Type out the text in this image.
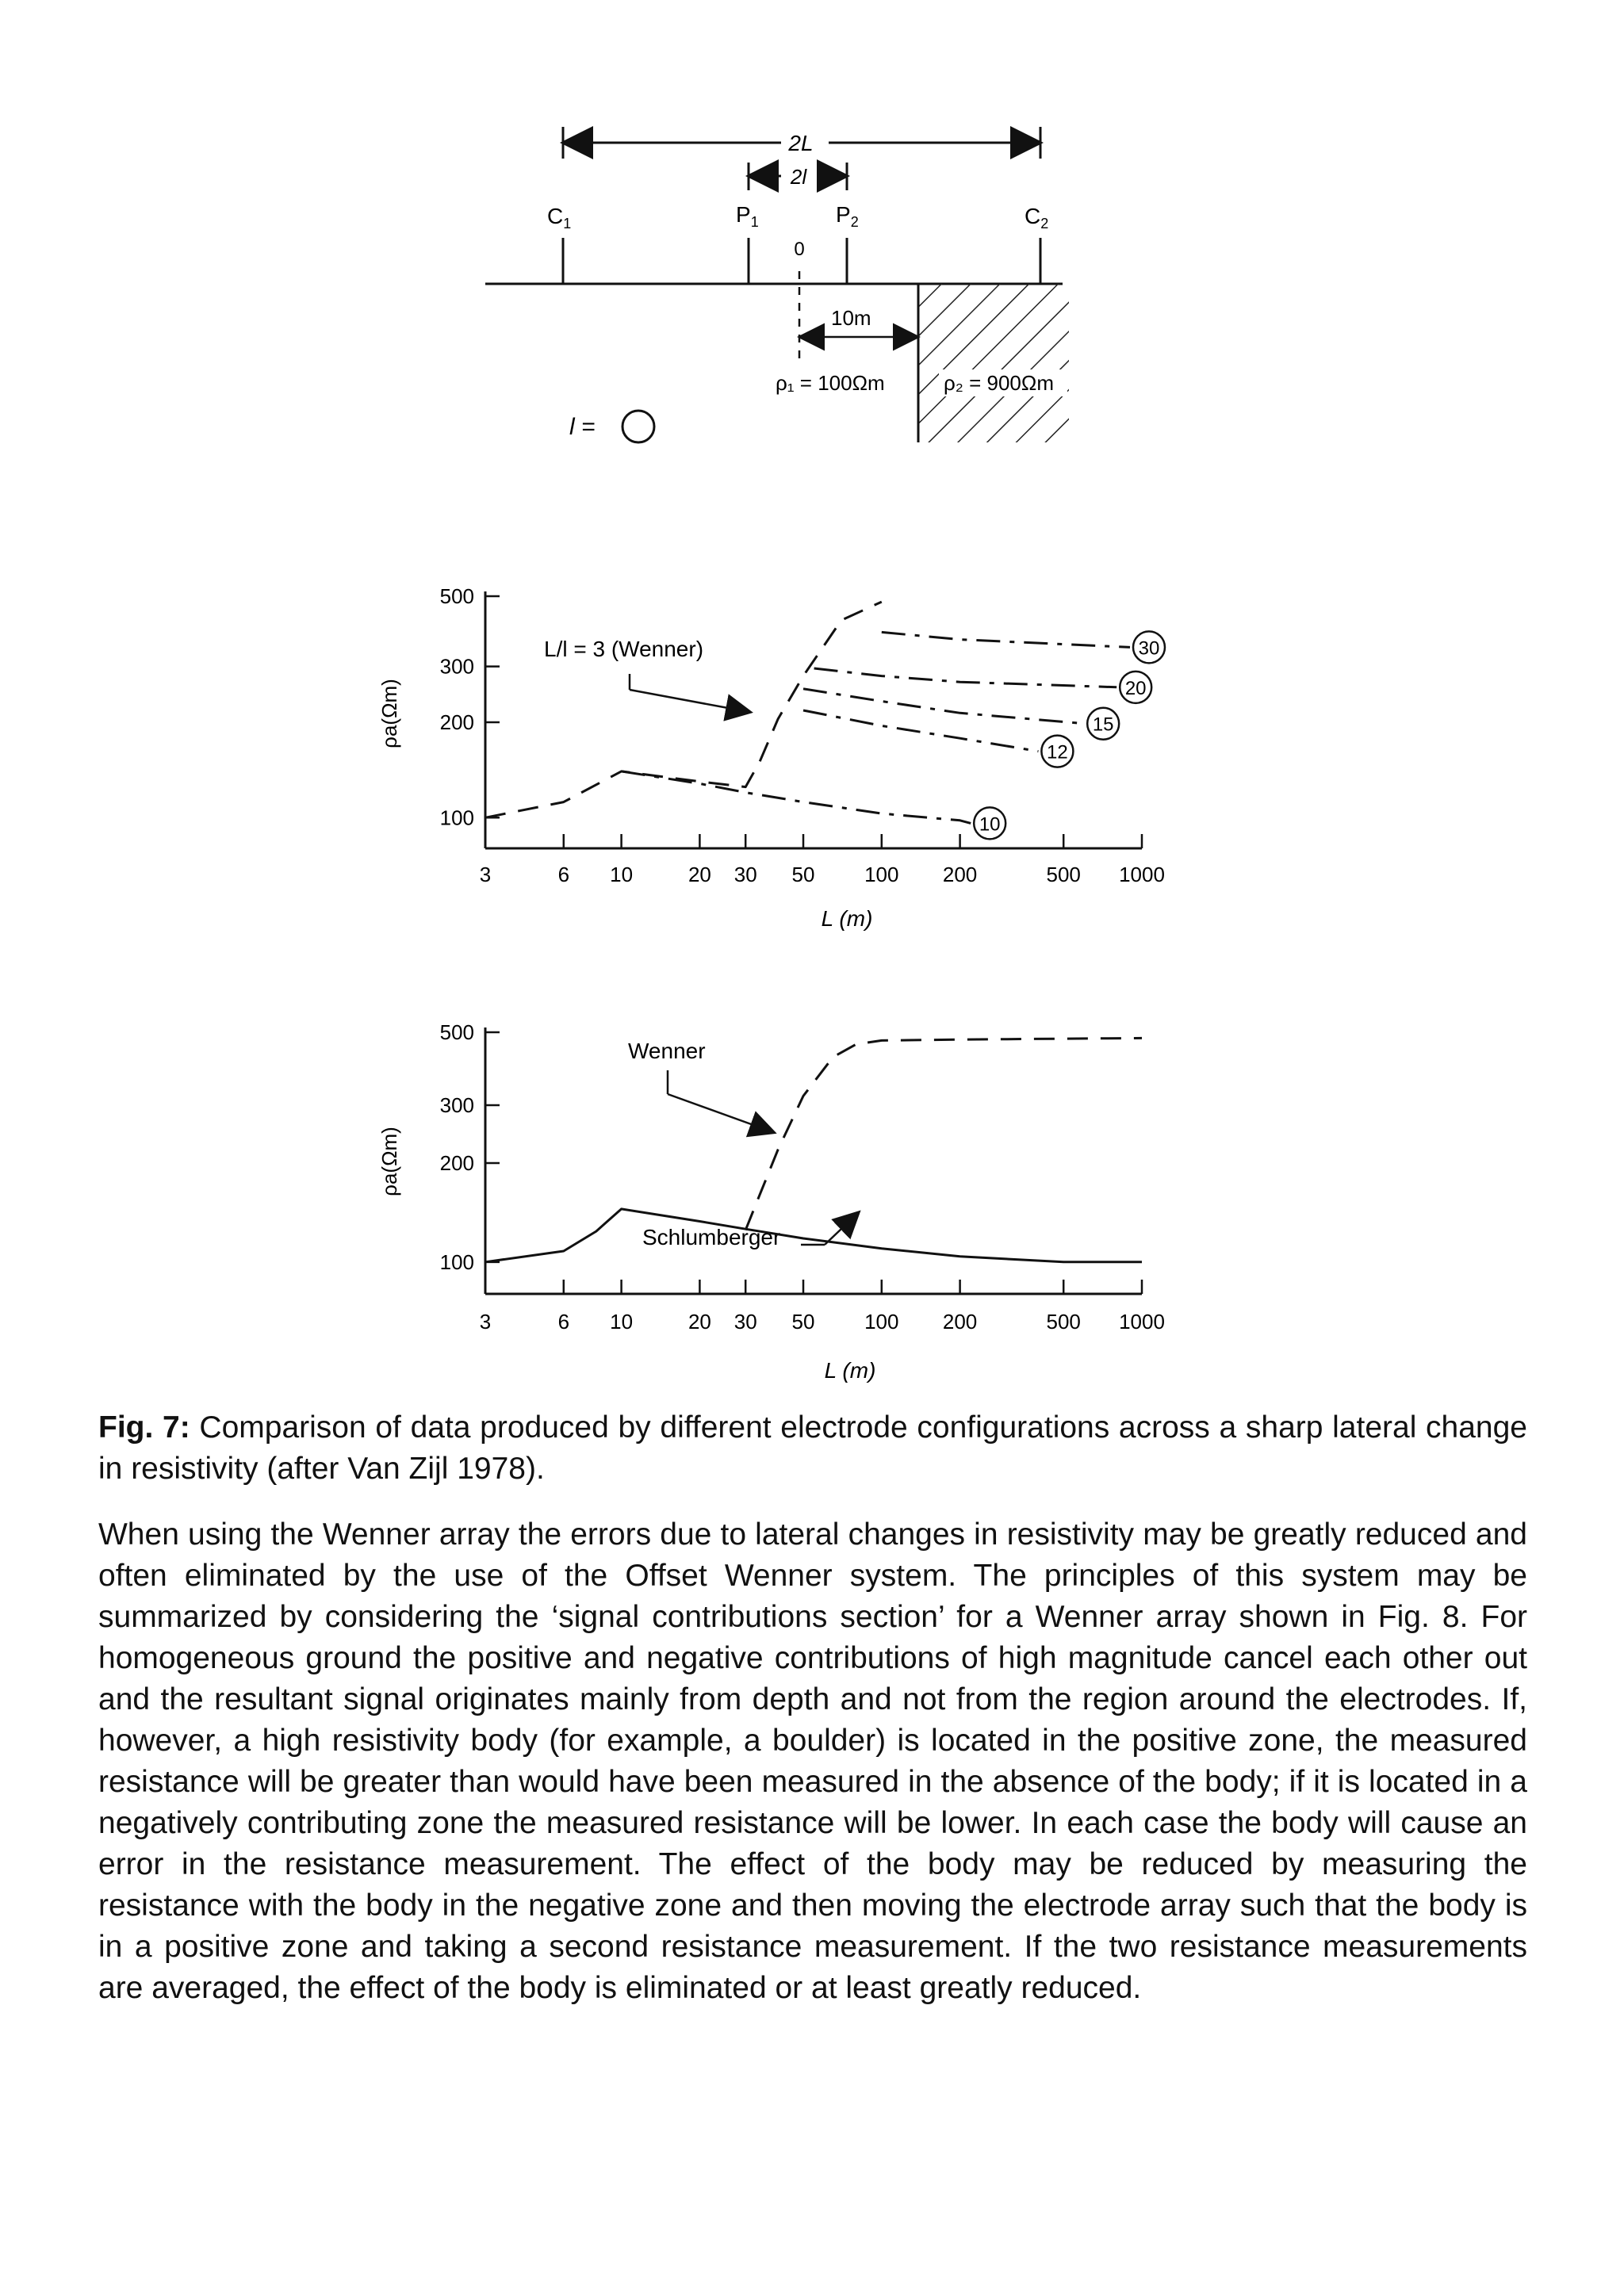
2L
2l
$C_1$	$P_1$	$P_2$	$C_2$
0
10m
ρ₁ = 100Ωm	ρ₂ = 900Ωm
l =
ρa(Ωm)
L (m)
L/l = 3 (Wenner)
3	6 10	20 30 50 100 200	500 1000
100
200
300
500
10
12
15
20
30
ρa(Ωm)
L (m)
Wenner
Schlumberger
3	6 10	20 30 50 100 200	500 1000
100
200
300
500

Fig. 7: Comparison of data produced by different electrode configurations across a sharp lateral change in resistivity (after Van Zijl 1978).

When using the Wenner array the errors due to lateral changes in resistivity may be greatly reduced and often eliminated by the use of the Offset Wenner system. The principles of this system may be summarized by considering the ‘signal contributions section’ for a Wenner array shown in Fig. 8. For homogeneous ground the positive and negative contributions of high magnitude cancel each other out and the resultant signal originates mainly from depth and not from the region around the electrodes. If, however, a high resistivity body (for example, a boulder) is located in the positive zone, the measured resistance will be greater than would have been measured in the absence of the body; if it is located in a negatively contributing zone the measured resistance will be lower. In each case the body will cause an error in the resistance measurement. The effect of the body may be reduced by measuring the resistance with the body in the negative zone and then moving the electrode array such that the body is in a positive zone and taking a second resistance measurement. If the two resistance measurements are averaged, the effect of the body is eliminated or at least greatly reduced.
